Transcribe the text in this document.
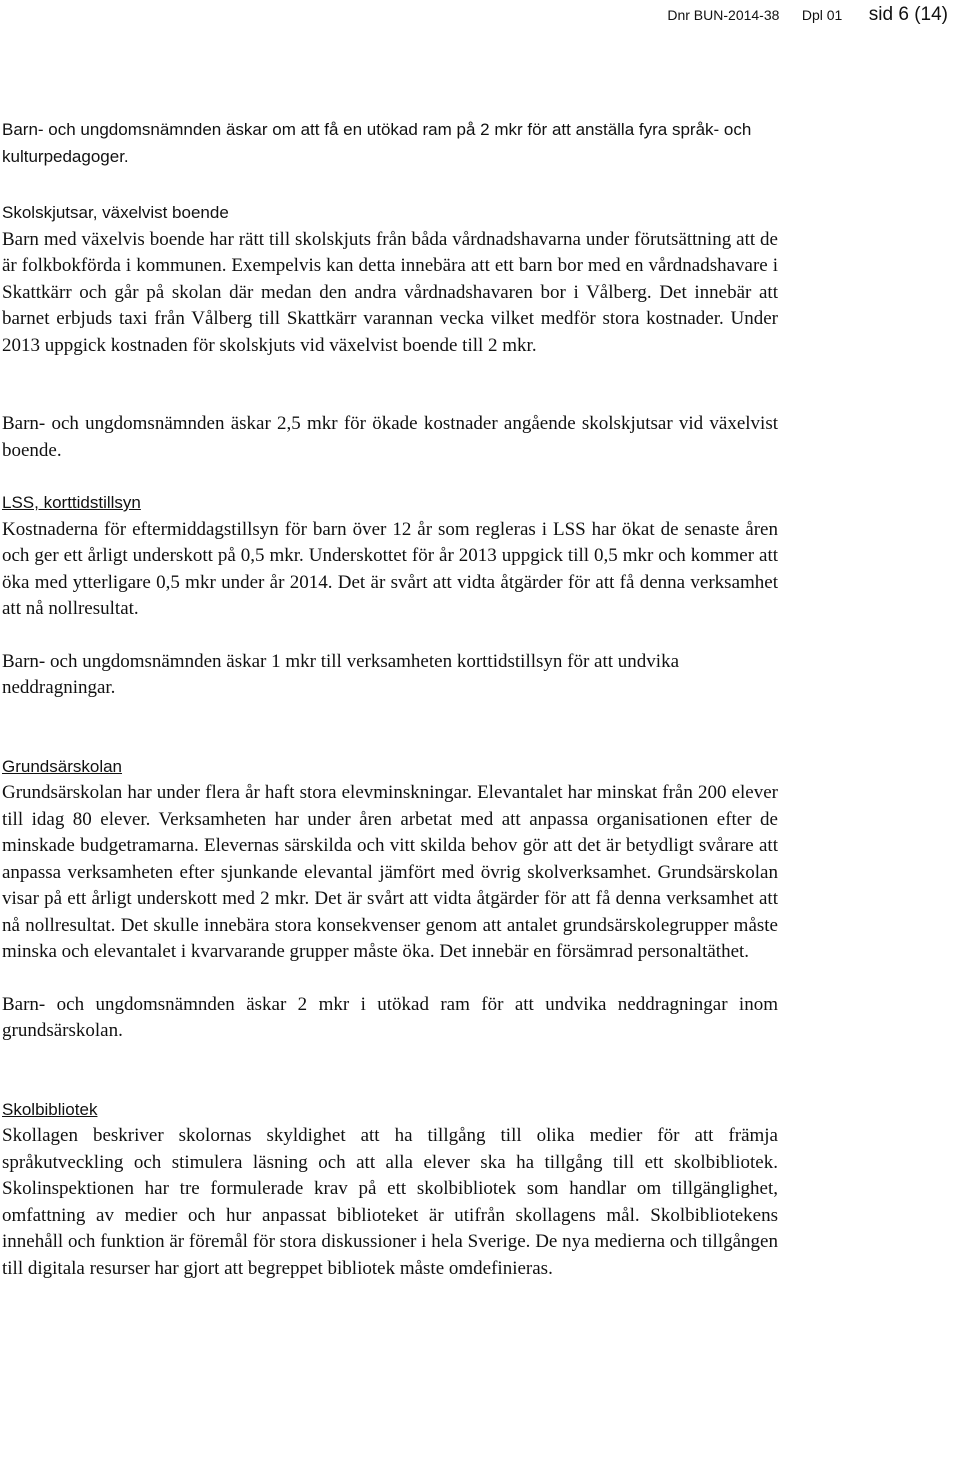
Dnr BUN-2014-38 Dpl 01 sid 6 (14)

Barn- och ungdomsnämnden äskar om att få en utökad ram på 2 mkr för att anställa fyra språk- och kulturpedagoger.

Skolskjutsar, växelvist boende

Barn med växelvis boende har rätt till skolskjuts från båda vårdnadshavarna under förutsättning att de är folkbokförda i kommunen. Exempelvis kan detta innebära att ett barn bor med en vårdnadshavare i Skattkärr och går på skolan där medan den andra vårdnadshavaren bor i Vålberg. Det innebär att barnet erbjuds taxi från Vålberg till Skattkärr varannan vecka vilket medför stora kostnader. Under 2013 uppgick kostnaden för skolskjuts vid växelvist boende till 2 mkr.

Barn- och ungdomsnämnden äskar 2,5 mkr för ökade kostnader angående skolskjutsar vid växelvist boende.

LSS, korttidstillsyn

Kostnaderna för eftermiddagstillsyn för barn över 12 år som regleras i LSS har ökat de senaste åren och ger ett årligt underskott på 0,5 mkr. Underskottet för år 2013 uppgick till 0,5 mkr och kommer att öka med ytterligare 0,5 mkr under år 2014. Det är svårt att vidta åtgärder för att få denna verksamhet att nå nollresultat.

Barn- och ungdomsnämnden äskar 1 mkr till verksamheten korttidstillsyn för att undvika neddragningar.

Grundsärskolan

Grundsärskolan har under flera år haft stora elevminskningar. Elevantalet har minskat från 200 elever till idag 80 elever. Verksamheten har under åren arbetat med att anpassa organisationen efter de minskade budgetramarna. Elevernas särskilda och vitt skilda behov gör att det är betydligt svårare att anpassa verksamheten efter sjunkande elevantal jämfört med övrig skolverksamhet. Grundsärskolan visar på ett årligt underskott med 2 mkr. Det är svårt att vidta åtgärder för att få denna verksamhet att nå nollresultat. Det skulle innebära stora konsekvenser genom att antalet grundsärskolegrupper måste minska och elevantalet i kvarvarande grupper måste öka. Det innebär en försämrad personaltäthet.

Barn- och ungdomsnämnden äskar 2 mkr i utökad ram för att undvika neddragningar inom grundsärskolan.

Skolbibliotek

Skollagen beskriver skolornas skyldighet att ha tillgång till olika medier för att främja språkutveckling och stimulera läsning och att alla elever ska ha tillgång till ett skolbibliotek. Skolinspektionen har tre formulerade krav på ett skolbibliotek som handlar om tillgänglighet, omfattning av medier och hur anpassat biblioteket är utifrån skollagens mål. Skolbibliotekens innehåll och funktion är föremål för stora diskussioner i hela Sverige. De nya medierna och tillgången till digitala resurser har gjort att begreppet bibliotek måste omdefinieras.
